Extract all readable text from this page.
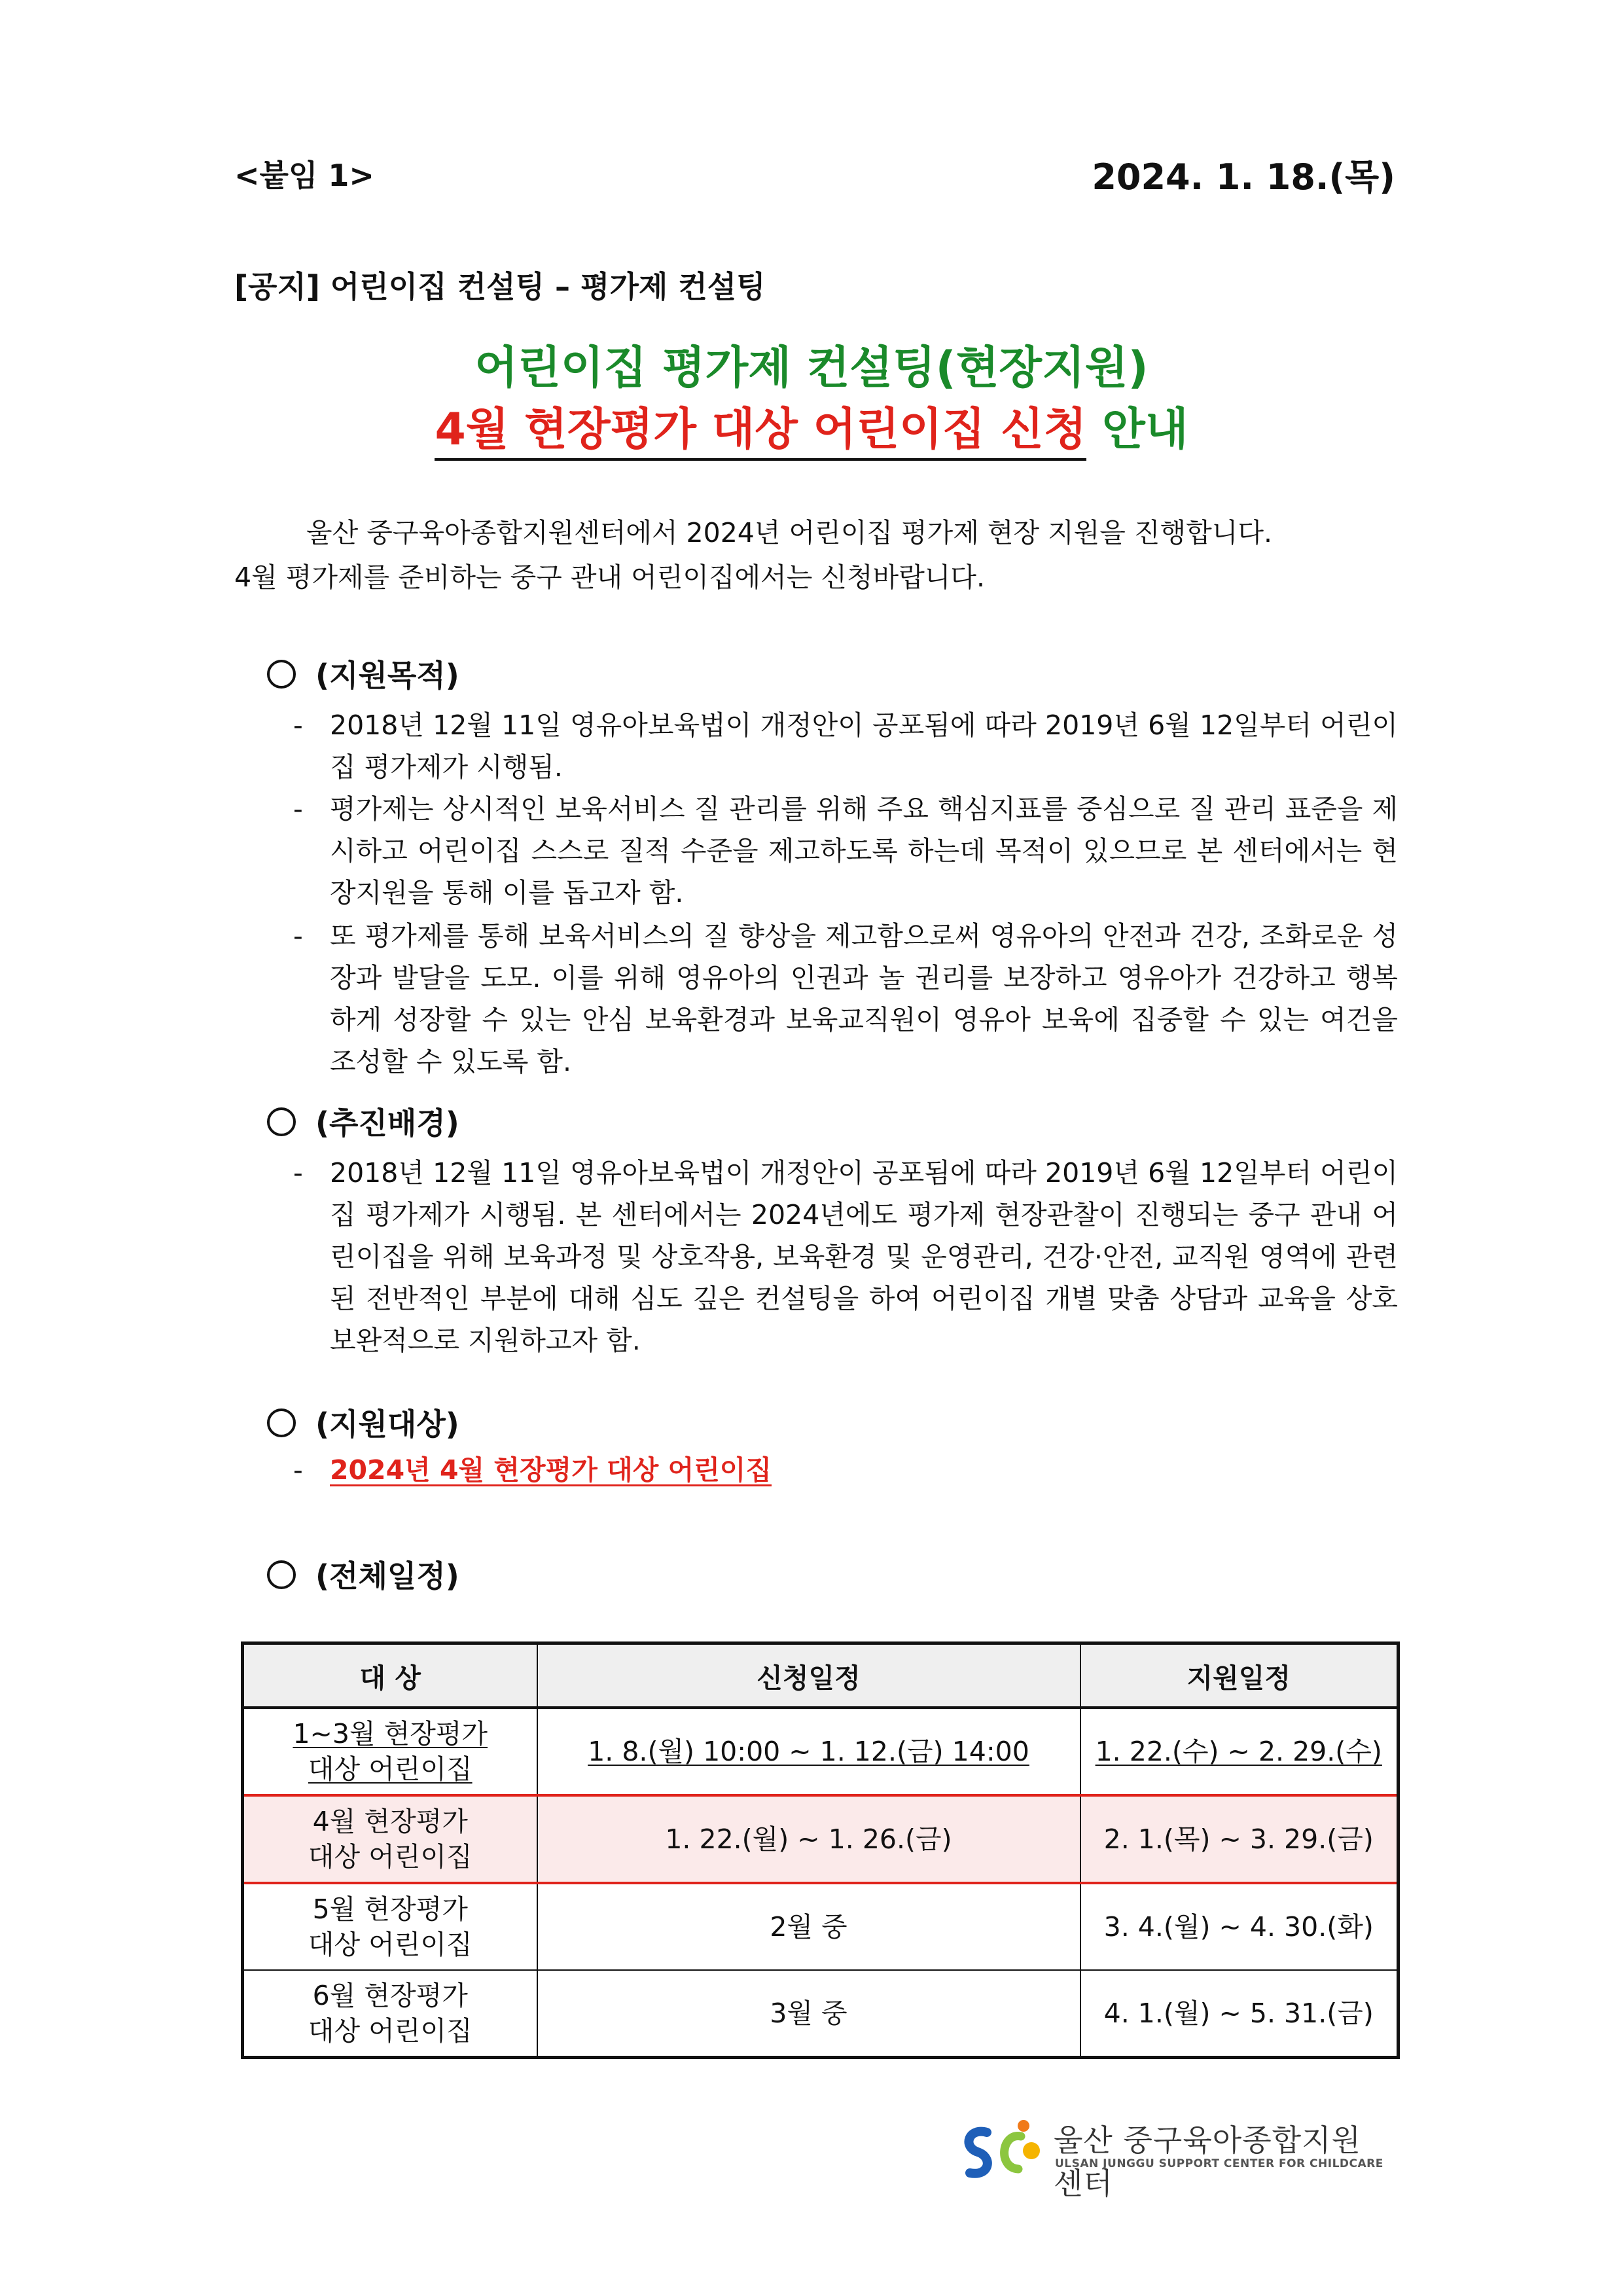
<붙임 1>	2024. 1. 18.(목)
[공지] 어린이집 컨설팅 – 평가제 컨설팅
어린이집 평가제 컨설팅(현장지원)
4월 현장평가 대상 어린이집 신청 안내
울산 중구육아종합지원센터에서 2024년 어린이집 평가제 현장 지원을 진행합니다.
4월 평가제를 준비하는 중구 관내 어린이집에서는 신청바랍니다.
(지원목적)
- 2018년 12월 11일 영유아보육법이 개정안이 공포됨에 따라 2019년 6월 12일부터 어린이집 평가제가 시행됨.
- 평가제는 상시적인 보육서비스 질 관리를 위해 주요 핵심지표를 중심으로 질 관리 표준을 제시하고 어린이집 스스로 질적 수준을 제고하도록 하는데 목적이 있으므로 본 센터에서는 현장지원을 통해 이를 돕고자 함.
- 또 평가제를 통해 보육서비스의 질 향상을 제고함으로써 영유아의 안전과 건강, 조화로운 성장과 발달을 도모. 이를 위해 영유아의 인권과 놀 권리를 보장하고 영유아가 건강하고 행복하게 성장할 수 있는 안심 보육환경과 보육교직원이 영유아 보육에 집중할 수 있는 여건을 조성할 수 있도록 함.
(추진배경)
- 2018년 12월 11일 영유아보육법이 개정안이 공포됨에 따라 2019년 6월 12일부터 어린이집 평가제가 시행됨. 본 센터에서는 2024년에도 평가제 현장관찰이 진행되는 중구 관내 어린이집을 위해 보육과정 및 상호작용, 보육환경 및 운영관리, 건강·안전, 교직원 영역에 관련된 전반적인 부분에 대해 심도 깊은 컨설팅을 하여 어린이집 개별 맞춤 상담과 교육을 상호 보완적으로 지원하고자 함.
(지원대상)
- 2024년 4월 현장평가 대상 어린이집
(전체일정)
대 상	신청일정	지원일정
1~3월 현장평가
대상 어린이집	1. 8.(월) 10:00 ~ 1. 12.(금) 14:00	1. 22.(수) ~ 2. 29.(수)
4월 현장평가
대상 어린이집	1. 22.(월) ~ 1. 26.(금)	2. 1.(목) ~ 3. 29.(금)
5월 현장평가
대상 어린이집	2월 중	3. 4.(월) ~ 4. 30.(화)
6월 현장평가
대상 어린이집	3월 중	4. 1.(월) ~ 5. 31.(금)
울산 중구육아종합지원센터
ULSAN JUNGGU SUPPORT CENTER FOR CHILDCARE
